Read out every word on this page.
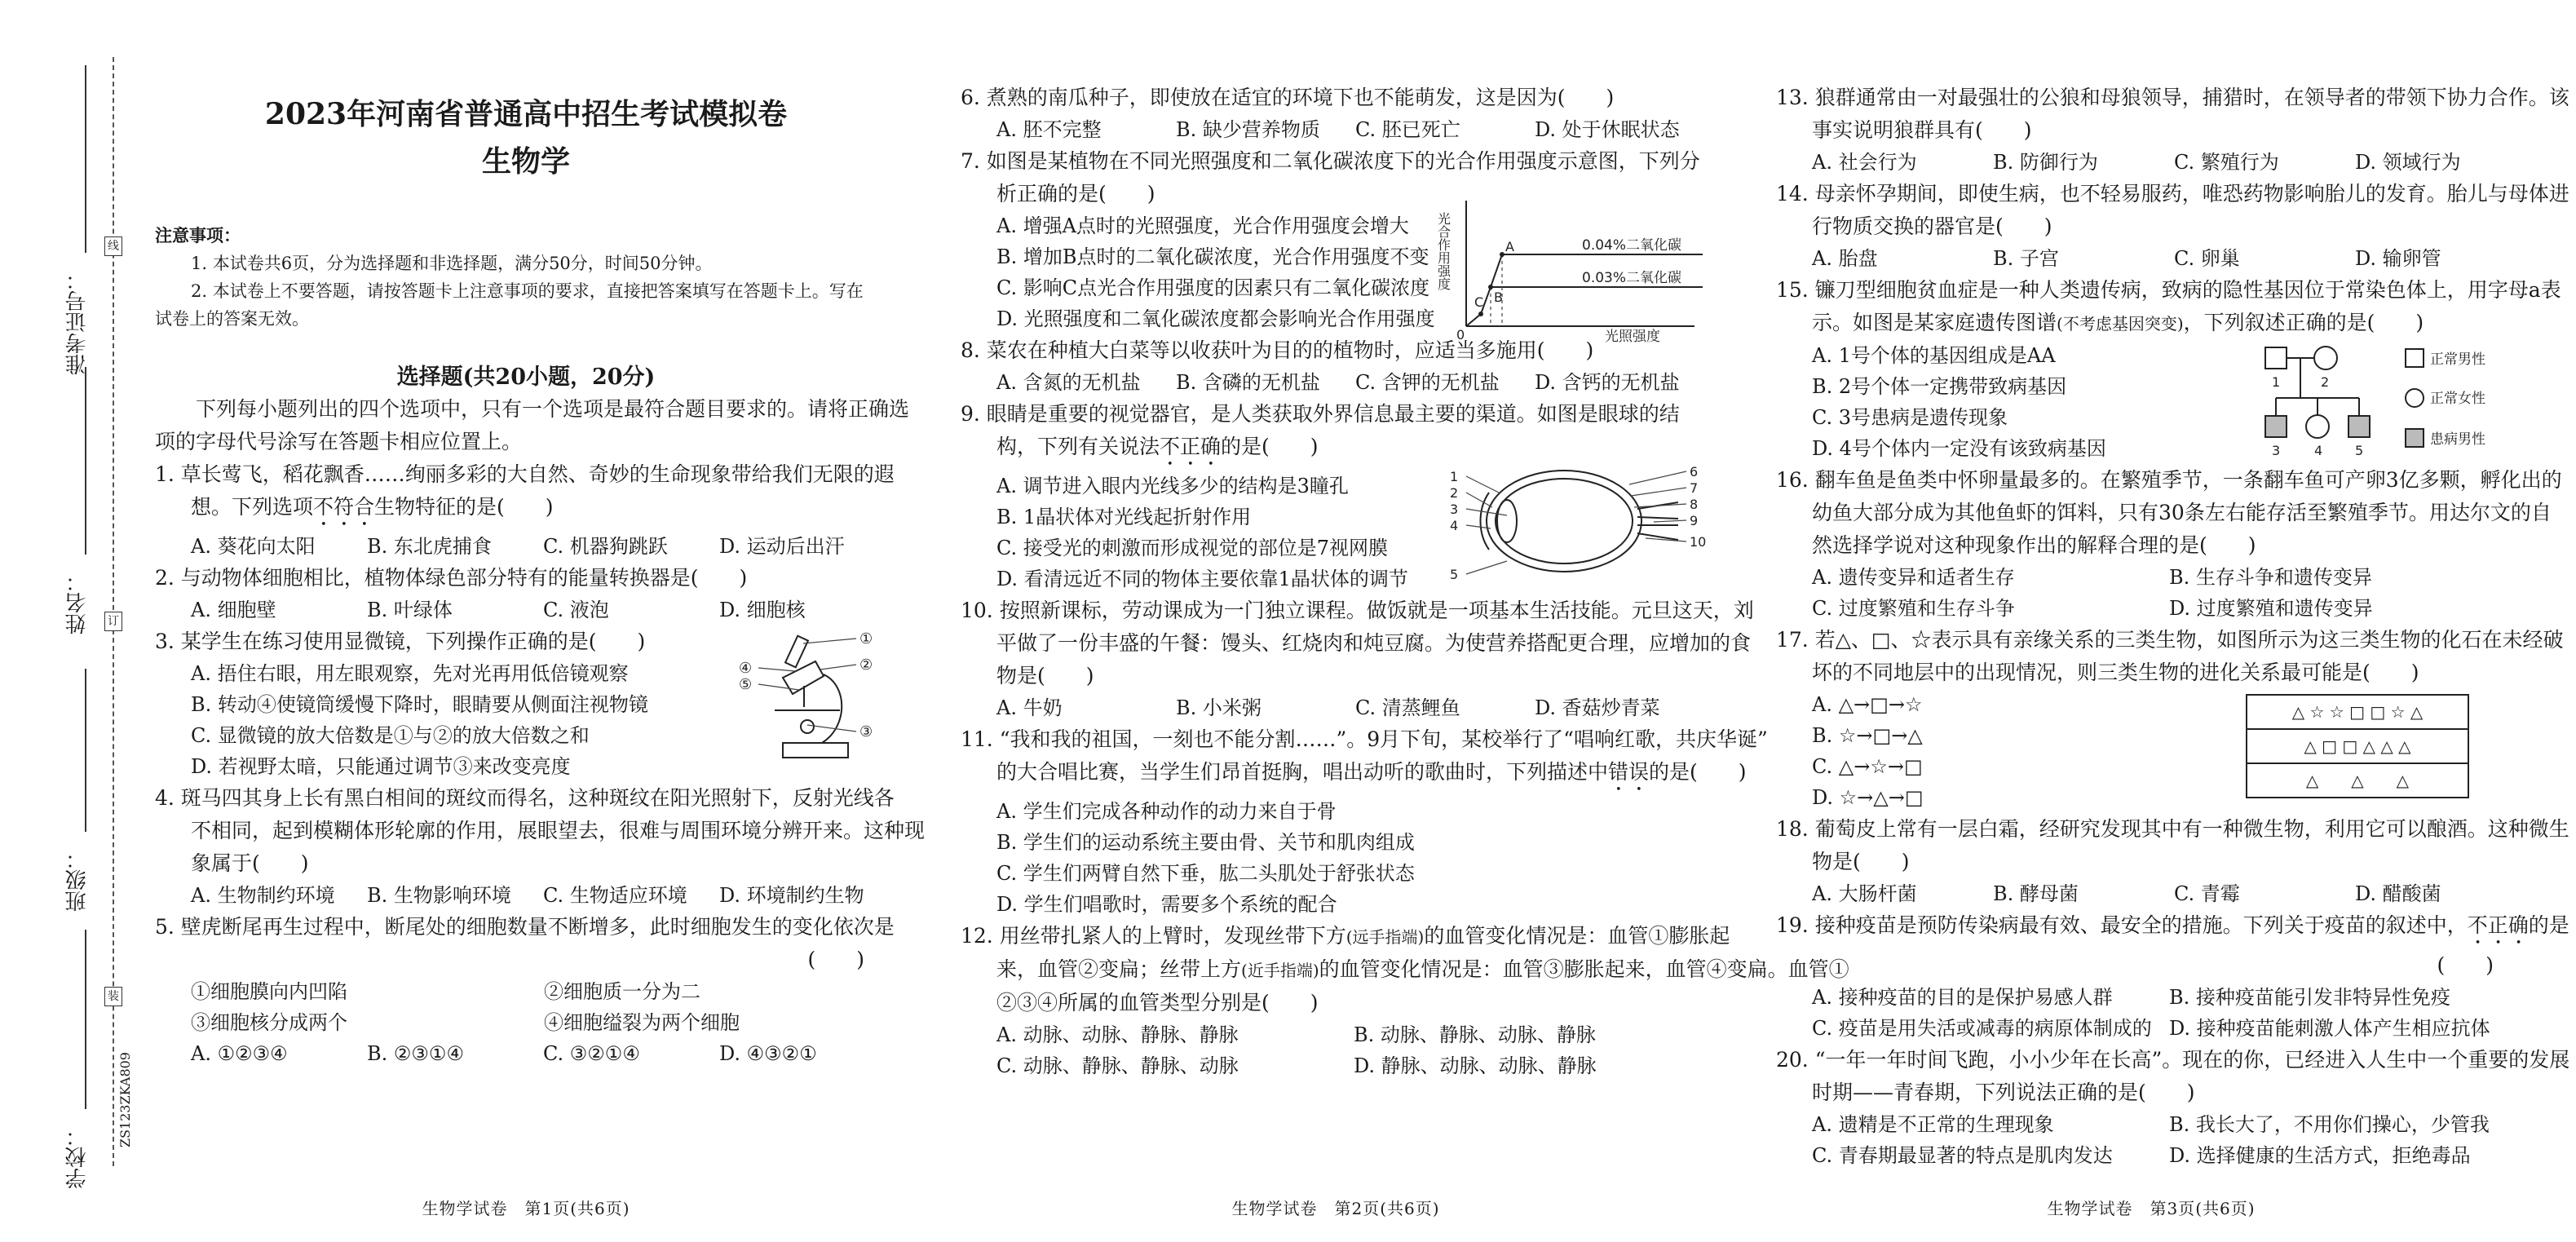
准考证号：
姓名：
班级：
学校：
ZS123ZKA809
线
订
装
2023年河南省普通高中招生考试模拟卷
生物学
注意事项：
1. 本试卷共6页，分为选择题和非选择题，满分50分，时间50分钟。
2. 本试卷上不要答题，请按答题卡上注意事项的要求，直接把答案填写在答题卡上。写在
试卷上的答案无效。
选择题(共20小题，20分)

下列每小题列出的四个选项中，只有一个选项是最符合题目要求的。请将正确选

项的字母代号涂写在答题卡相应位置上。

1. 草长莺飞，稻花飘香……绚丽多彩的大自然、奇妙的生命现象带给我们无限的遐

想。下列选项不符合生物特征的是(　　)

A. 葵花向太阳	B. 东北虎捕食	C. 机器狗跳跃	D. 运动后出汗

2. 与动物体细胞相比，植物体绿色部分特有的能量转换器是(　　)

A. 细胞壁	B. 叶绿体	C. 液泡	D. 细胞核

3. 某学生在练习使用显微镜，下列操作正确的是(　　)

A. 捂住右眼，用左眼观察，先对光再用低倍镜观察

B. 转动④使镜筒缓慢下降时，眼睛要从侧面注视物镜

C. 显微镜的放大倍数是①与②的放大倍数之和

D. 若视野太暗，只能通过调节③来改变亮度

①
②
③
④
⑤

4. 斑马四其身上长有黑白相间的斑纹而得名，这种斑纹在阳光照射下，反射光线各

不相同，起到模糊体形轮廓的作用，展眼望去，很难与周围环境分辨开来。这种现

象属于(　　)

A. 生物制约环境	B. 生物影响环境	C. 生物适应环境	D. 环境制约生物

5. 壁虎断尾再生过程中，断尾处的细胞数量不断增多，此时细胞发生的变化依次是

(　　)

①细胞膜向内凹陷	②细胞质一分为二
③细胞核分成两个	④细胞缢裂为两个细胞
A. ①②③④	B. ②③①④	C. ③②①④	D. ④③②①
生物学试卷　第1页(共6页)

6. 煮熟的南瓜种子，即使放在适宜的环境下也不能萌发，这是因为(　　)

A. 胚不完整	B. 缺少营养物质	C. 胚已死亡	D. 处于休眠状态

7. 如图是某植物在不同光照强度和二氧化碳浓度下的光合作用强度示意图，下列分

析正确的是(　　)

A. 增强A点时的光照强度，光合作用强度会增大

B. 增加B点时的二氧化碳浓度，光合作用强度不变

C. 影响C点光合作用强度的因素只有二氧化碳浓度

D. 光照强度和二氧化碳浓度都会影响光合作用强度

光合作用强度
光照强度
0
0.04%二氧化碳
0.03%二氧化碳
A
B
C

8. 菜农在种植大白菜等以收获叶为目的的植物时，应适当多施用(　　)

A. 含氮的无机盐	B. 含磷的无机盐	C. 含钾的无机盐	D. 含钙的无机盐

9. 眼睛是重要的视觉器官，是人类获取外界信息最主要的渠道。如图是眼球的结

构，下列有关说法不正确的是(　　)

A. 调节进入眼内光线多少的结构是3瞳孔

B. 1晶状体对光线起折射作用

C. 接受光的刺激而形成视觉的部位是7视网膜

D. 看清远近不同的物体主要依靠1晶状体的调节

1
2
3
4
5
6
7
8
9
10

10. 按照新课标，劳动课成为一门独立课程。做饭就是一项基本生活技能。元旦这天，刘

平做了一份丰盛的午餐：馒头、红烧肉和炖豆腐。为使营养搭配更合理，应增加的食

物是(　　)

A. 牛奶	B. 小米粥	C. 清蒸鲤鱼	D. 香菇炒青菜

11. “我和我的祖国，一刻也不能分割……”。9月下旬，某校举行了“唱响红歌，共庆华诞”

的大合唱比赛，当学生们昂首挺胸，唱出动听的歌曲时，下列描述中错误的是(　　)

A. 学生们完成各种动作的动力来自于骨

B. 学生们的运动系统主要由骨、关节和肌肉组成

C. 学生们两臂自然下垂，肱二头肌处于舒张状态

D. 学生们唱歌时，需要多个系统的配合

12. 用丝带扎紧人的上臂时，发现丝带下方(远手指端)的血管变化情况是：血管①膨胀起

来，血管②变扁；丝带上方(近手指端)的血管变化情况是：血管③膨胀起来，血管④变扁。血管①

②③④所属的血管类型分别是(　　)

A. 动脉、动脉、静脉、静脉	B. 动脉、静脉、动脉、静脉
C. 动脉、静脉、静脉、动脉	D. 静脉、动脉、动脉、静脉
生物学试卷　第2页(共6页)

13. 狼群通常由一对最强壮的公狼和母狼领导，捕猎时，在领导者的带领下协力合作。该

事实说明狼群具有(　　)

A. 社会行为	B. 防御行为	C. 繁殖行为	D. 领域行为

14. 母亲怀孕期间，即使生病，也不轻易服药，唯恐药物影响胎儿的发育。胎儿与母体进

行物质交换的器官是(　　)

A. 胎盘	B. 子宫	C. 卵巢	D. 输卵管

15. 镰刀型细胞贫血症是一种人类遗传病，致病的隐性基因位于常染色体上，用字母a表

示。如图是某家庭遗传图谱(不考虑基因突变)，下列叙述正确的是(　　)

A. 1号个体的基因组成是AA

B. 2号个体一定携带致病基因

C. 3号患病是遗传现象

D. 4号个体内一定没有该致病基因

1	2
3	4 5
正常男性
正常女性
患病男性

16. 翻车鱼是鱼类中怀卵量最多的。在繁殖季节，一条翻车鱼可产卵3亿多颗，孵化出的

幼鱼大部分成为其他鱼虾的饵料，只有30条左右能存活至繁殖季节。用达尔文的自

然选择学说对这种现象作出的解释合理的是(　　)

A. 遗传变异和适者生存	B. 生存斗争和遗传变异
C. 过度繁殖和生存斗争	D. 过度繁殖和遗传变异

17. 若△、□、☆表示具有亲缘关系的三类生物，如图所示为这三类生物的化石在未经破

坏的不同地层中的出现情况，则三类生物的进化关系最可能是(　　)

A. △→□→☆

B. ☆→□→△

C. △→☆→□

D. ☆→△→□

△ ☆ ☆ □ □ ☆ △
△ □ □ △ △ △
△　　△　　△

18. 葡萄皮上常有一层白霜，经研究发现其中有一种微生物，利用它可以酿酒。这种微生

物是(　　)

A. 大肠杆菌	B. 酵母菌	C. 青霉	D. 醋酸菌

19. 接种疫苗是预防传染病最有效、最安全的措施。下列关于疫苗的叙述中，不正确的是

(　　)

A. 接种疫苗的目的是保护易感人群	B. 接种疫苗能引发非特异性免疫
C. 疫苗是用失活或减毒的病原体制成的 D. 接种疫苗能刺激人体产生相应抗体

20. “一年一年时间飞跑，小小少年在长高”。现在的你，已经进入人生中一个重要的发展

时期——青春期，下列说法正确的是(　　)

A. 遗精是不正常的生理现象	B. 我长大了，不用你们操心，少管我
C. 青春期最显著的特点是肌肉发达	D. 选择健康的生活方式，拒绝毒品
生物学试卷　第3页(共6页)
